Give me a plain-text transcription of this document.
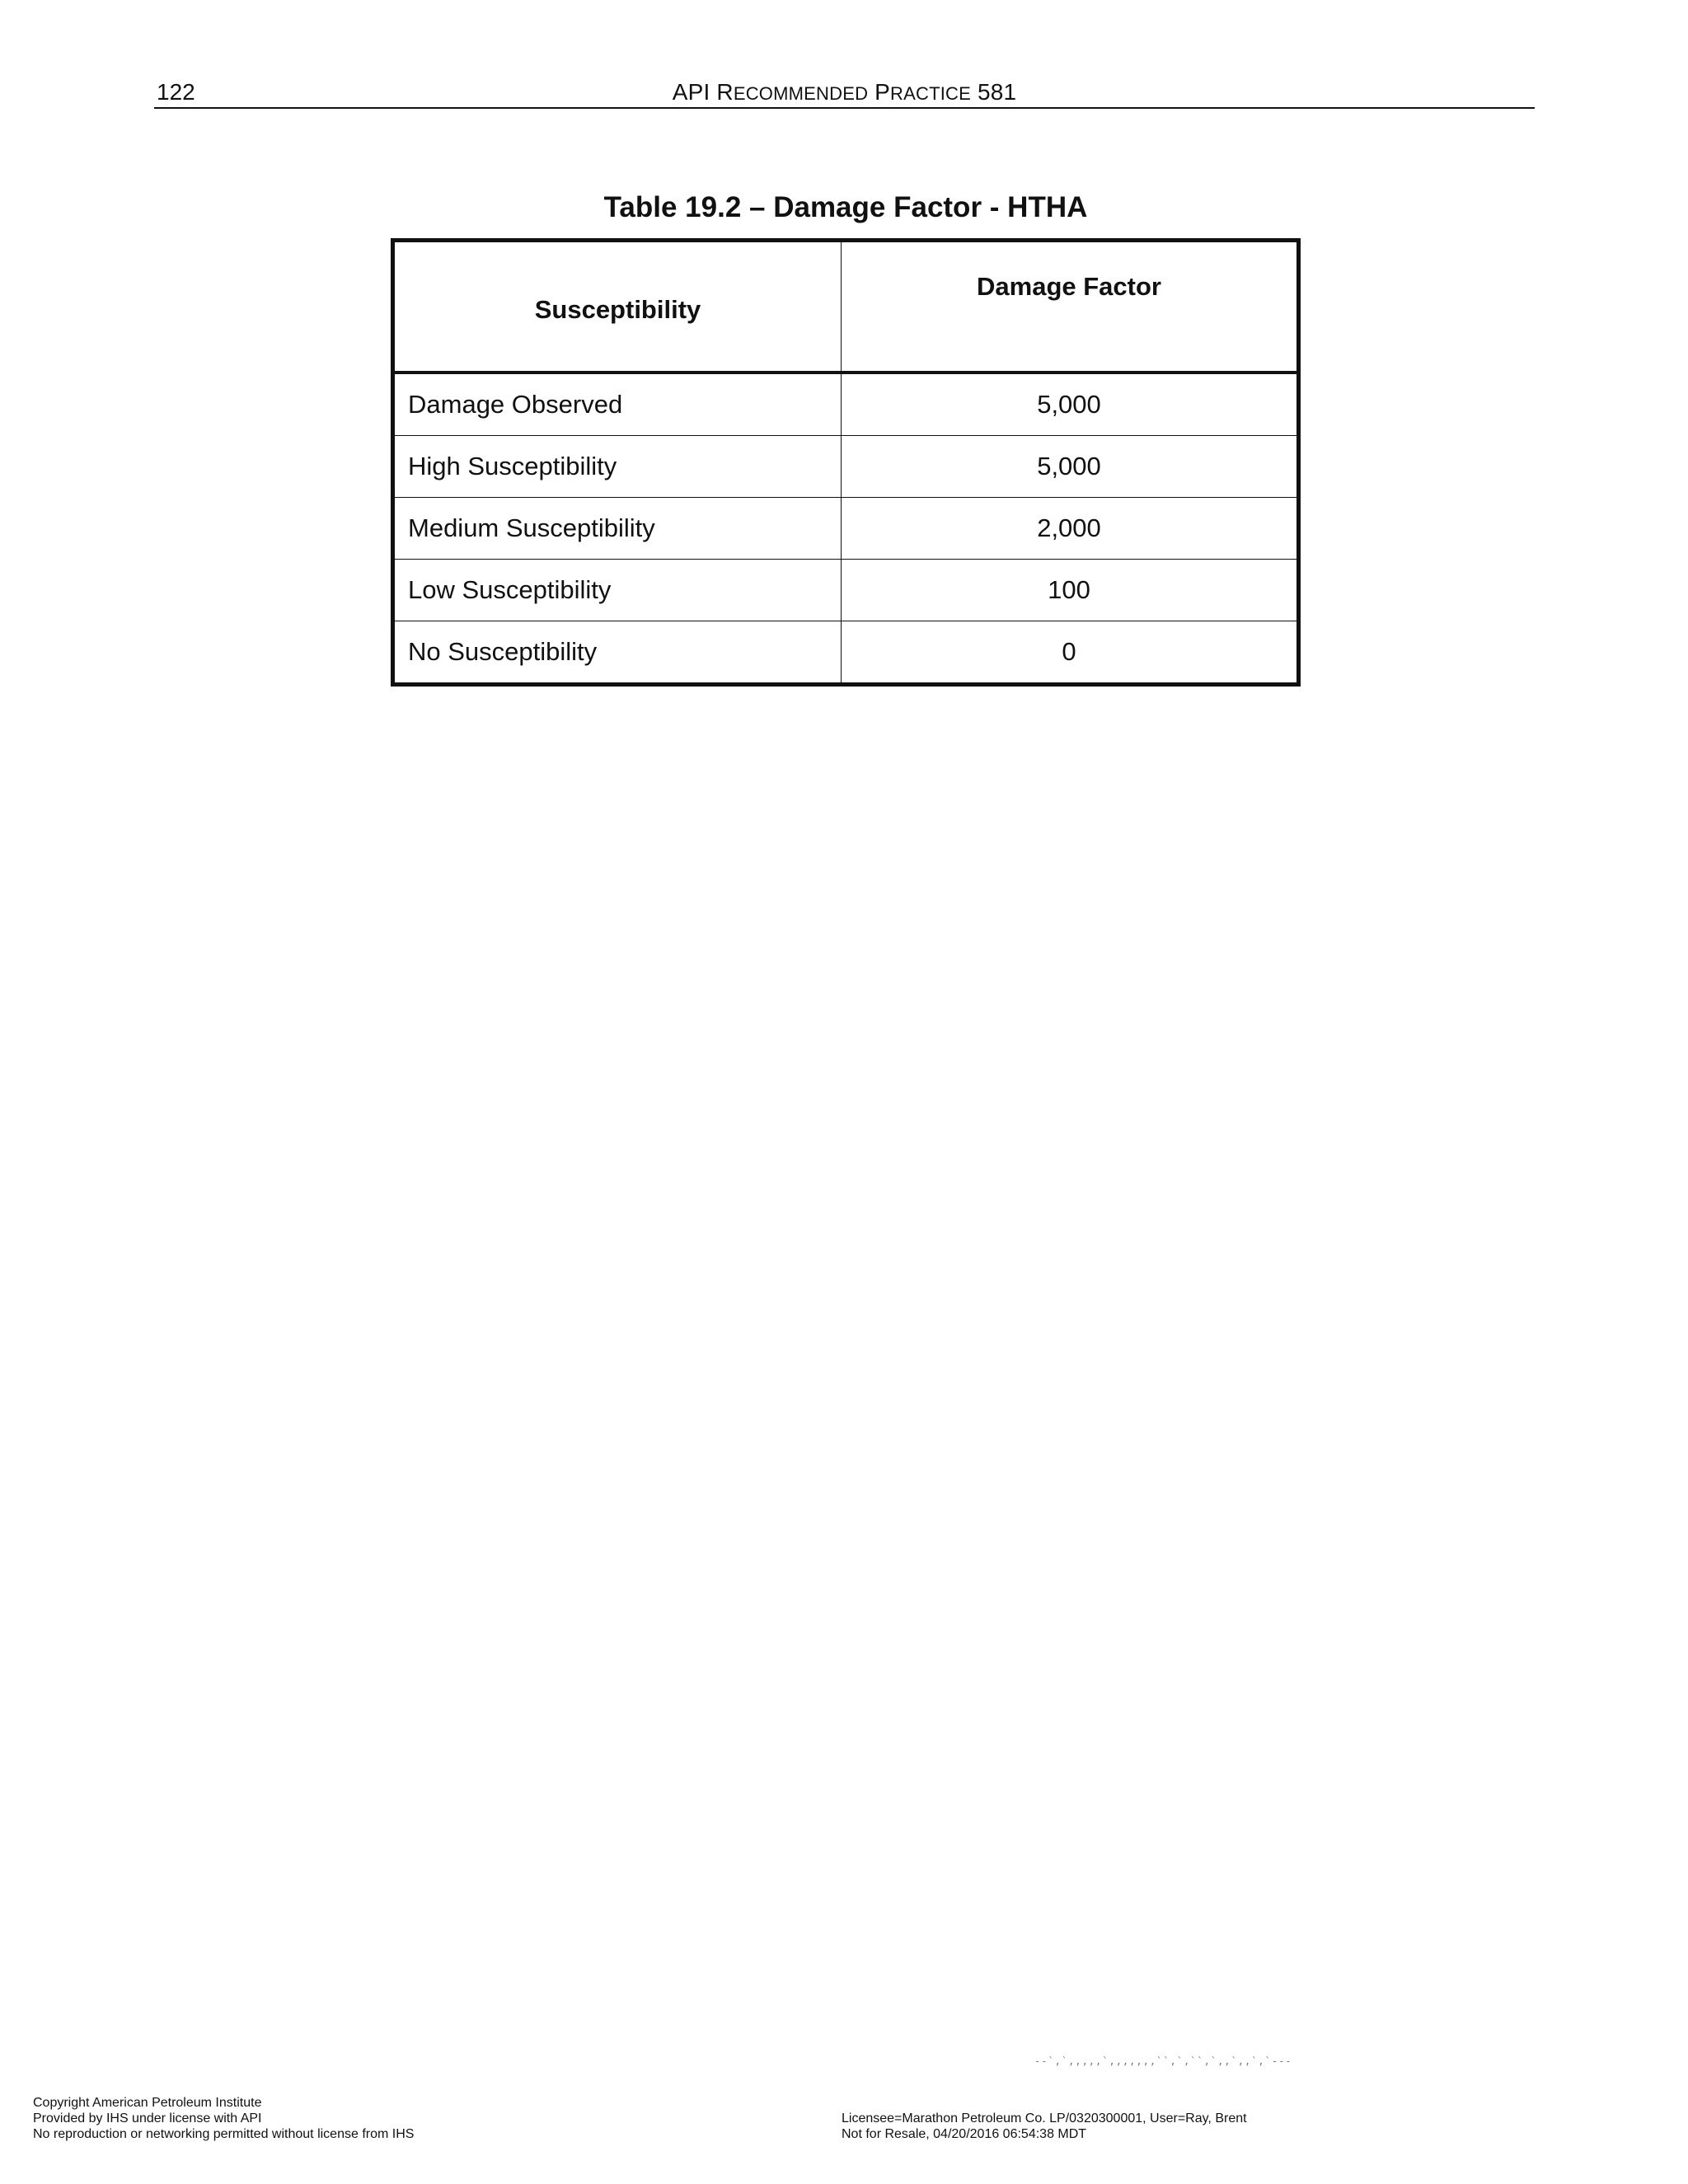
122	API RECOMMENDED PRACTICE 581
Table 19.2 – Damage Factor - HTHA
Susceptibility	Damage Factor
Damage Observed	5,000
High Susceptibility	5,000
Medium Susceptibility	2,000
Low Susceptibility	100
No Susceptibility	0
--`,`,,,,,`,,,,,,,``,`,``,`,,`,,`,`---
Copyright American Petroleum Institute
Provided by IHS under license with API
No reproduction or networking permitted without license from IHS
Licensee=Marathon Petroleum Co. LP/0320300001, User=Ray, Brent
Not for Resale, 04/20/2016 06:54:38 MDT
